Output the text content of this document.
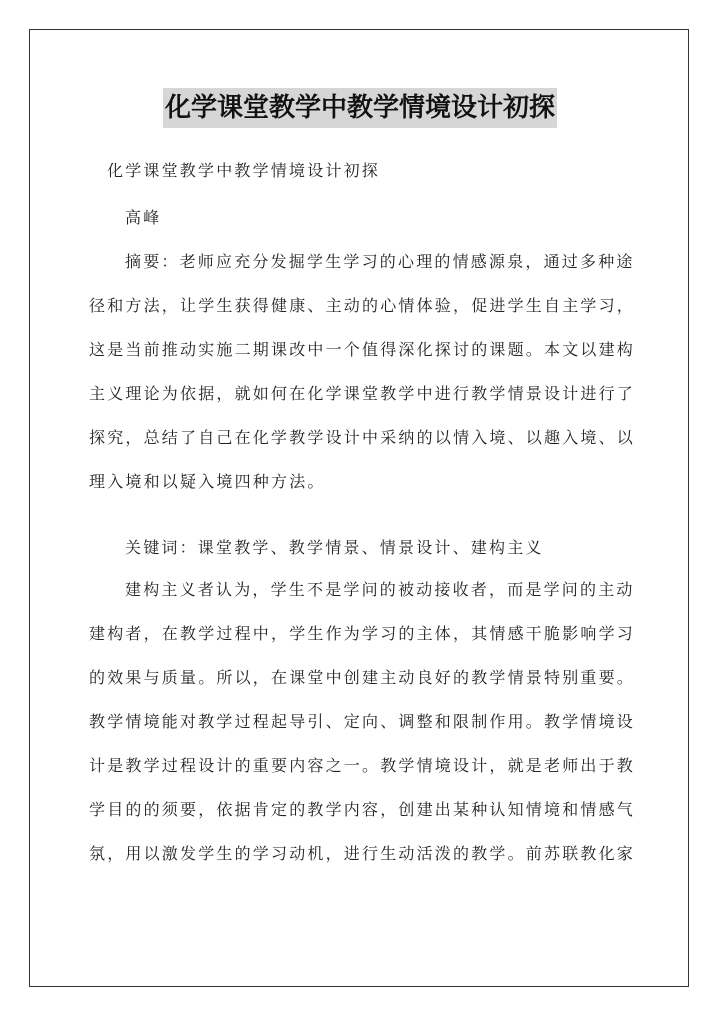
化学课堂教学中教学情境设计初探
化学课堂教学中教学情境设计初探
高峰
摘要：老师应充分发掘学生学习的心理的情感源泉，通过多种途
径和方法，让学生获得健康、主动的心情体验，促进学生自主学习，
这是当前推动实施二期课改中一个值得深化探讨的课题。本文以建构
主义理论为依据，就如何在化学课堂教学中进行教学情景设计进行了
探究，总结了自己在化学教学设计中采纳的以情入境、以趣入境、以
理入境和以疑入境四种方法。
关键词：课堂教学、教学情景、情景设计、建构主义
建构主义者认为，学生不是学问的被动接收者，而是学问的主动
建构者，在教学过程中，学生作为学习的主体，其情感干脆影响学习
的效果与质量。所以，在课堂中创建主动良好的教学情景特别重要。
教学情境能对教学过程起导引、定向、调整和限制作用。教学情境设
计是教学过程设计的重要内容之一。教学情境设计，就是老师出于教
学目的的须要，依据肯定的教学内容，创建出某种认知情境和情感气
氛，用以激发学生的学习动机，进行生动活泼的教学。前苏联教化家
